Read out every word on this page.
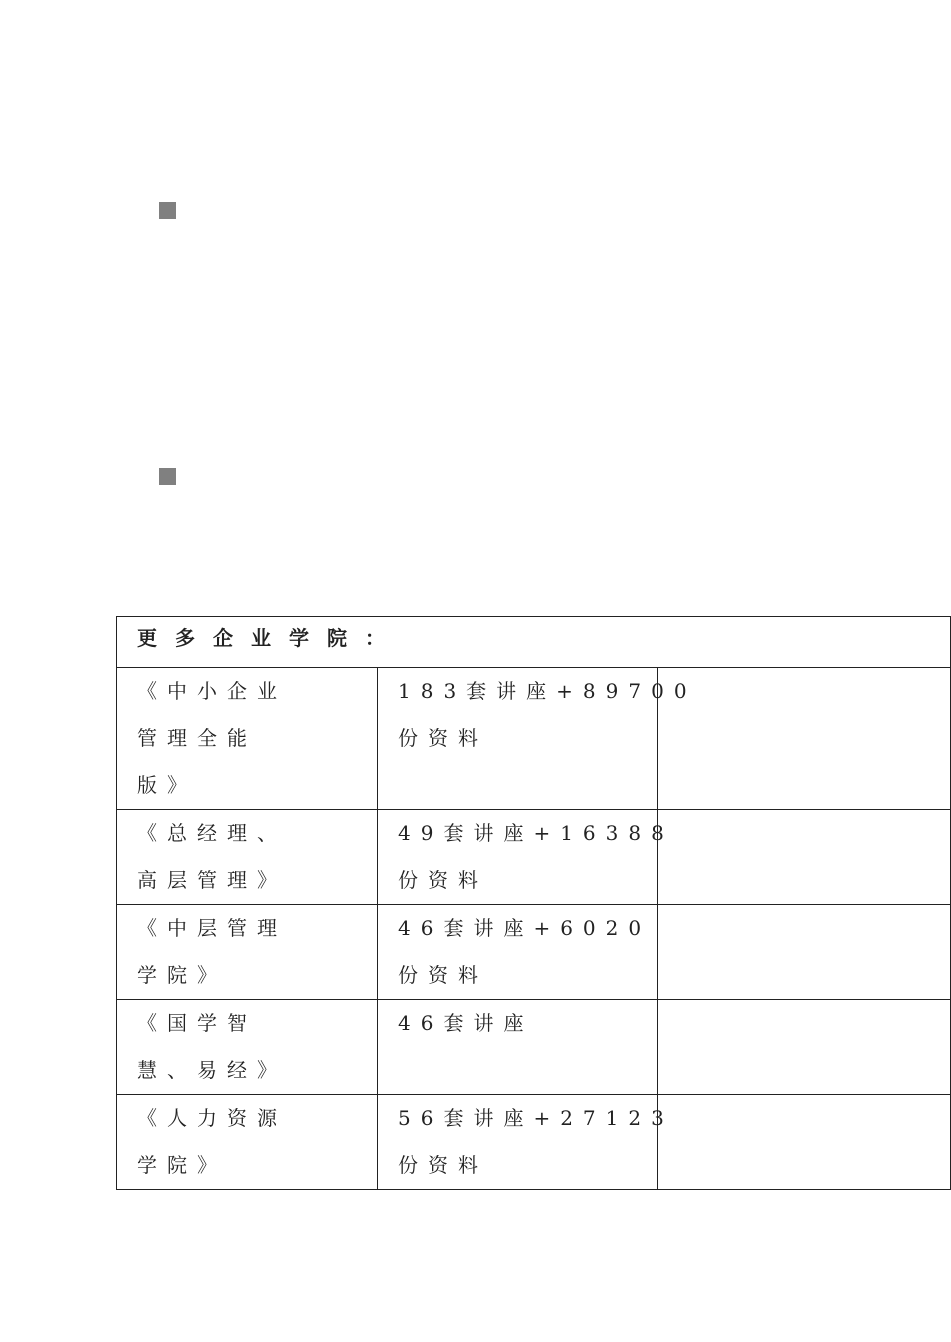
更多企业学院：		

《中小企业
管理全能
版》	183套讲座+89700
份资料	

《总经理、
高层管理》	49套讲座+16388
份资料	

《中层管理
学院》	46套讲座+6020
份资料	

《国学智
慧、易经》	46套讲座	

《人力资源
学院》	56套讲座+27123
份资料	
